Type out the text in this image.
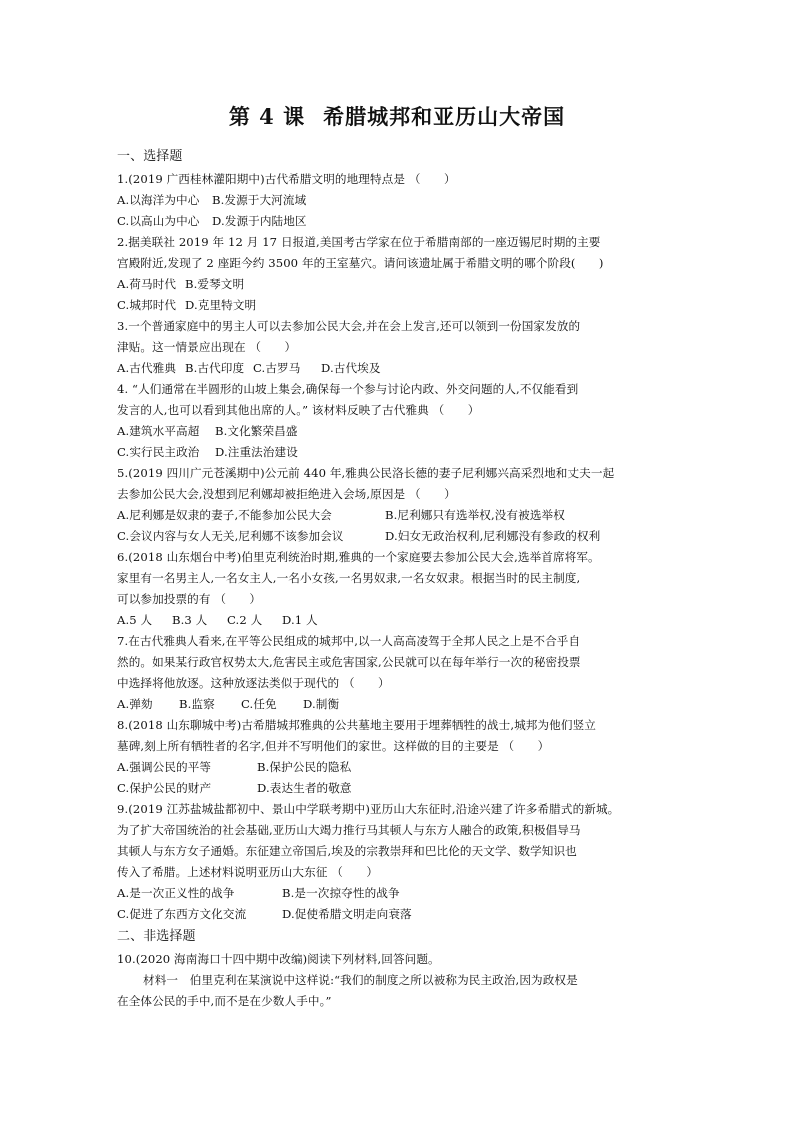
第 4 课 希腊城邦和亚历山大帝国
一、选择题
1.(2019 广西桂林灌阳期中)古代希腊文明的地理特点是 （　　）
A.以海洋为中心 B.发源于大河流域
C.以高山为中心 D.发源于内陆地区
2.据美联社 2019 年 12 月 17 日报道,美国考古学家在位于希腊南部的一座迈锡尼时期的主要
宫殿附近,发现了 2 座距今约 3500 年的王室墓穴。请问该遗址属于希腊文明的哪个阶段(　　)
A.荷马时代 B.爱琴文明
C.城邦时代 D.克里特文明
3.一个普通家庭中的男主人可以去参加公民大会,并在会上发言,还可以领到一份国家发放的
津贴。这一情景应出现在 （　　）
A.古代雅典 B.古代印度 C.古罗马 D.古代埃及
4. “人们通常在半圆形的山坡上集会,确保每一个参与讨论内政、外交问题的人,不仅能看到
发言的人,也可以看到其他出席的人。” 该材料反映了古代雅典 （　　）
A.建筑水平高超 B.文化繁荣昌盛
C.实行民主政治 D.注重法治建设
5.(2019 四川广元苍溪期中)公元前 440 年,雅典公民洛长德的妻子尼利娜兴高采烈地和丈夫一起
去参加公民大会,没想到尼利娜却被拒绝进入会场,原因是 （　　）
A.尼利娜是奴隶的妻子,不能参加公民大会	B.尼利娜只有选举权,没有被选举权
C.会议内容与女人无关,尼利娜不该参加会议	D.妇女无政治权利,尼利娜没有参政的权利
6.(2018 山东烟台中考)伯里克利统治时期,雅典的一个家庭要去参加公民大会,选举首席将军。
家里有一名男主人,一名女主人,一名小女孩,一名男奴隶,一名女奴隶。根据当时的民主制度,
可以参加投票的有 （　　）
A.5 人 B.3 人 C.2 人 D.1 人
7.在古代雅典人看来,在平等公民组成的城邦中,以一人高高凌驾于全邦人民之上是不合乎自
然的。如果某行政官权势太大,危害民主或危害国家,公民就可以在每年举行一次的秘密投票
中选择将他放逐。这种放逐法类似于现代的 （　　）
A.弹劾 B.监察 C.任免 D.制衡
8.(2018 山东聊城中考)古希腊城邦雅典的公共墓地主要用于埋葬牺牲的战士,城邦为他们竖立
墓碑,刻上所有牺牲者的名字,但并不写明他们的家世。这样做的目的主要是 （　　）
A.强调公民的平等	B.保护公民的隐私
C.保护公民的财产	D.表达生者的敬意
9.(2019 江苏盐城盐都初中、景山中学联考期中)亚历山大东征时,沿途兴建了许多希腊式的新城。
为了扩大帝国统治的社会基础,亚历山大竭力推行马其顿人与东方人融合的政策,积极倡导马
其顿人与东方女子通婚。东征建立帝国后,埃及的宗教崇拜和巴比伦的天文学、数学知识也
传入了希腊。上述材料说明亚历山大东征 （　　）
A.是一次正义性的战争	B.是一次掠夺性的战争
C.促进了东西方文化交流	D.促使希腊文明走向衰落
二、非选择题
10.(2020 海南海口十四中期中改编)阅读下列材料,回答问题。
材料一　伯里克利在某演说中这样说:“我们的制度之所以被称为民主政治,因为政权是
在全体公民的手中,而不是在少数人手中。”
